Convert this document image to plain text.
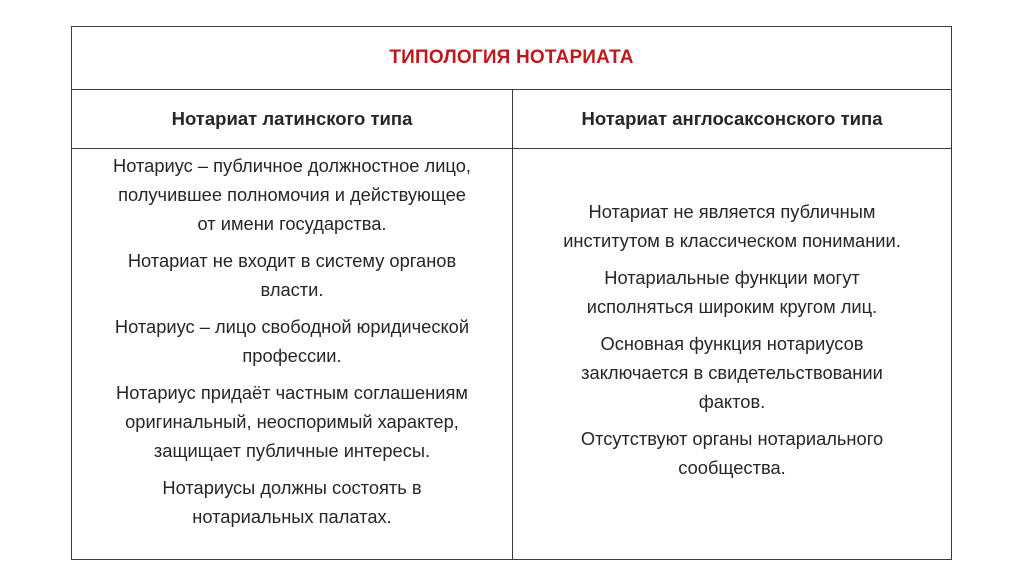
ТИПОЛОГИЯ НОТАРИАТА
Нотариат латинского типа	Нотариат англосаксонского типа

Нотариус – публичное должностное лицо,
получившее полномочия и действующее
от имени государства.

Нотариат не входит в систему органов
власти.

Нотариус – лицо свободной юридической
профессии.

Нотариус придаёт частным соглашениям
оригинальный, неоспоримый характер,
защищает публичные интересы.

Нотариусы должны состоять в
нотариальных палатах.

Нотариат не является публичным
институтом в классическом понимании.

Нотариальные функции могут
исполняться широким кругом лиц.

Основная функция нотариусов
заключается в свидетельствовании
фактов.

Отсутствуют органы нотариального
сообщества.
